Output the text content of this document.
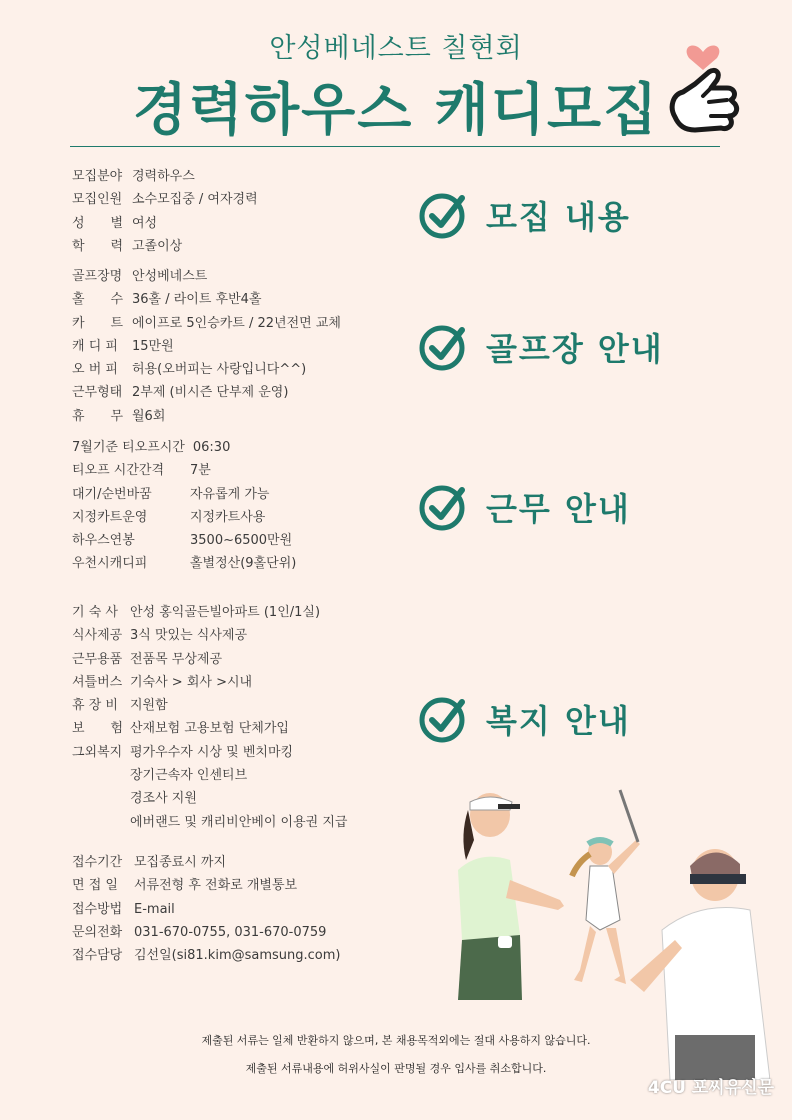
안성베네스트 칠현회
경력하우스 캐디모집
모집분야 경력하우스
모집인원 소수모집중 / 여자경력
성　　별 여성
학　　력 고졸이상
골프장명 안성베네스트
홀　　수 36홀 / 라이트 후반4홀
카　　트 에이프로 5인승카트 / 22년전면 교체
캐 디 피 15만원
오 버 피 허용(오버피는 사랑입니다^^)
근무형태 2부제 (비시즌 단부제 운영)
휴　　무 월6회
7월기준 티오프시간 06:30
티오프 시간간격 7분
대기/순번바꿈	자유롭게 가능
지정카트운영	지정카트사용
하우스연봉	3500~6500만원
우천시캐디피	홀별정산(9홀단위)
기 숙 사 안성 홍익골든빌아파트 (1인/1실)
식사제공 3식 맛있는 식사제공
근무용품 전품목 무상제공
셔틀버스 기숙사 > 회사 >시내
휴 장 비 지원함
보　　험 산재보험 고용보험 단체가입
그외복지 평가우수자 시상 및 벤치마킹
장기근속자 인센티브
경조사 지원
에버랜드 및 캐리비안베이 이용권 지급
접수기간 모집종료시 까지
면 접 일 서류전형 후 전화로 개별통보
접수방법 E-mail
문의전화 031-670-0755, 031-670-0759
접수담당 김선일(si81.kim@samsung.com)
모집 내용
골프장 안내
근무 안내
복지 안내
제출된 서류는 일체 반환하지 않으며, 본 채용목적외에는 절대 사용하지 않습니다.
제출된 서류내용에 허위사실이 판명될 경우 입사를 취소합니다.
4CU 포씨유신문
